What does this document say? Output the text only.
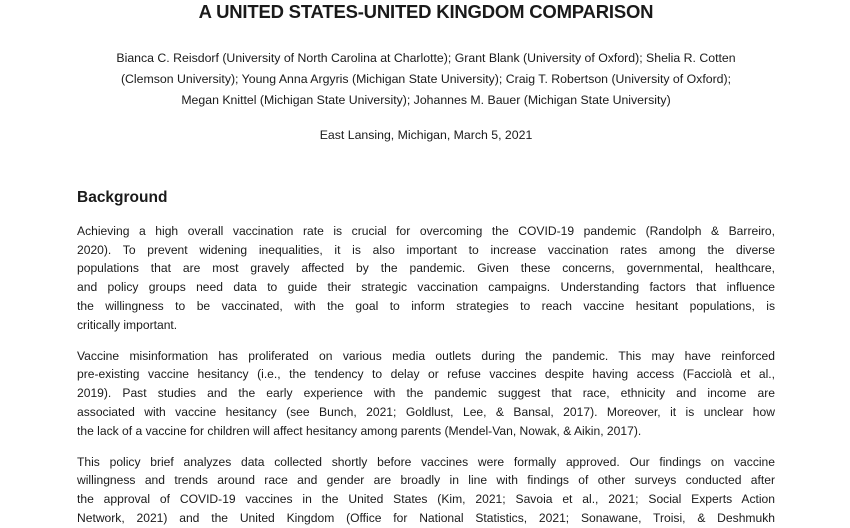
A UNITED STATES-UNITED KINGDOM COMPARISON
Bianca C. Reisdorf (University of North Carolina at Charlotte); Grant Blank (University of Oxford); Shelia R. Cotten
(Clemson University); Young Anna Argyris (Michigan State University); Craig T. Robertson (University of Oxford);
Megan Knittel (Michigan State University); Johannes M. Bauer (Michigan State University)
East Lansing, Michigan, March 5, 2021
Background
Achieving a high overall vaccination rate is crucial for overcoming the COVID-19 pandemic (Randolph & Barreiro,
2020). To prevent widening inequalities, it is also important to increase vaccination rates among the diverse
populations that are most gravely affected by the pandemic. Given these concerns, governmental, healthcare,
and policy groups need data to guide their strategic vaccination campaigns. Understanding factors that influence
the willingness to be vaccinated, with the goal to inform strategies to reach vaccine hesitant populations, is
critically important.
Vaccine misinformation has proliferated on various media outlets during the pandemic. This may have reinforced
pre-existing vaccine hesitancy (i.e., the tendency to delay or refuse vaccines despite having access (Facciolà et al.,
2019). Past studies and the early experience with the pandemic suggest that race, ethnicity and income are
associated with vaccine hesitancy (see Bunch, 2021; Goldlust, Lee, & Bansal, 2017). Moreover, it is unclear how
the lack of a vaccine for children will affect hesitancy among parents (Mendel-Van, Nowak, & Aikin, 2017).
This policy brief analyzes data collected shortly before vaccines were formally approved. Our findings on vaccine
willingness and trends around race and gender are broadly in line with findings of other surveys conducted after
the approval of COVID-19 vaccines in the United States (Kim, 2021; Savoia et al., 2021; Social Experts Action
Network, 2021) and the United Kingdom (Office for National Statistics, 2021; Sonawane, Troisi, & Deshmukh
